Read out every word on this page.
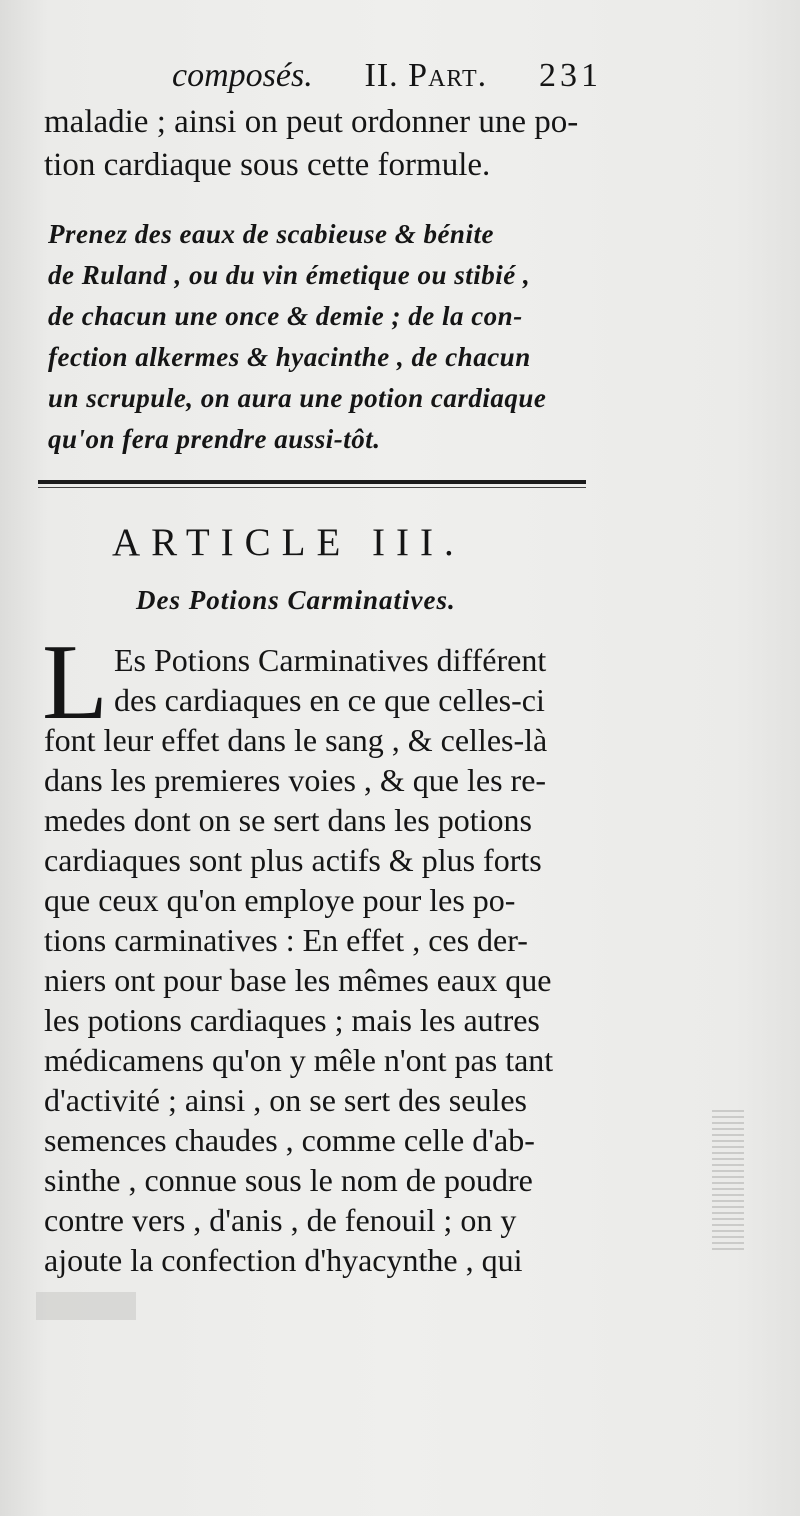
composés. II. Part. 231
maladie ; ainsi on peut ordonner une po-
tion cardiaque sous cette formule.
Prenez des eaux de scabieuse & bénite
de Ruland , ou du vin émetique ou stibié ,
de chacun une once & demie ; de la con-
fection alkermes & hyacinthe , de chacun
un scrupule, on aura une potion cardiaque
qu'on fera prendre aussi-tôt.
ARTICLE III.
Des Potions Carminatives.
L Es Potions Carminatives différent
des cardiaques en ce que celles-ci
font leur effet dans le sang , & celles-là
dans les premieres voies , & que les re-
medes dont on se sert dans les potions
cardiaques sont plus actifs & plus forts
que ceux qu'on employe pour les po-
tions carminatives : En effet , ces der-
niers ont pour base les mêmes eaux que
les potions cardiaques ; mais les autres
médicamens qu'on y mêle n'ont pas tant
d'activité ; ainsi , on se sert des seules
semences chaudes , comme celle d'ab-
sinthe , connue sous le nom de poudre
contre vers , d'anis , de fenouil ; on y
ajoute la confection d'hyacynthe , qui
